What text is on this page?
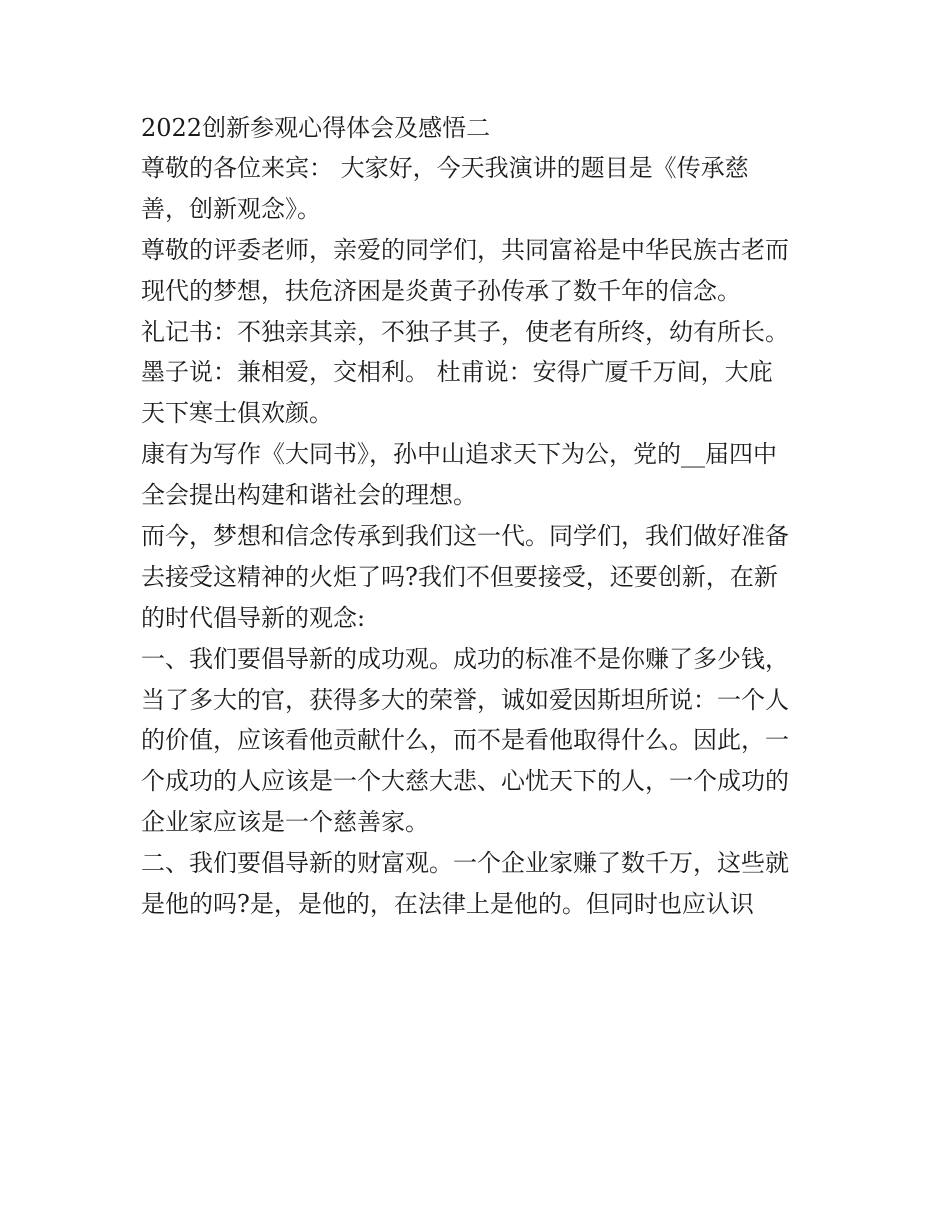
2022创新参观心得体会及感悟二
尊敬的各位来宾： 大家好，今天我演讲的题目是《传承慈
善，创新观念》。
尊敬的评委老师，亲爱的同学们，共同富裕是中华民族古老而
现代的梦想，扶危济困是炎黄子孙传承了数千年的信念。
礼记书：不独亲其亲，不独子其子，使老有所终，幼有所长。
墨子说：兼相爱，交相利。 杜甫说：安得广厦千万间，大庇
天下寒士俱欢颜。
康有为写作《大同书》，孙中山追求天下为公，党的__届四中
全会提出构建和谐社会的理想。
而今，梦想和信念传承到我们这一代。同学们，我们做好准备
去接受这精神的火炬了吗?我们不但要接受，还要创新，在新
的时代倡导新的观念:
一、我们要倡导新的成功观。成功的标准不是你赚了多少钱，
当了多大的官，获得多大的荣誉，诚如爱因斯坦所说：一个人
的价值，应该看他贡献什么，而不是看他取得什么。因此，一
个成功的人应该是一个大慈大悲、心忧天下的人，一个成功的
企业家应该是一个慈善家。
二、我们要倡导新的财富观。一个企业家赚了数千万，这些就
是他的吗?是，是他的，在法律上是他的。但同时也应认识
